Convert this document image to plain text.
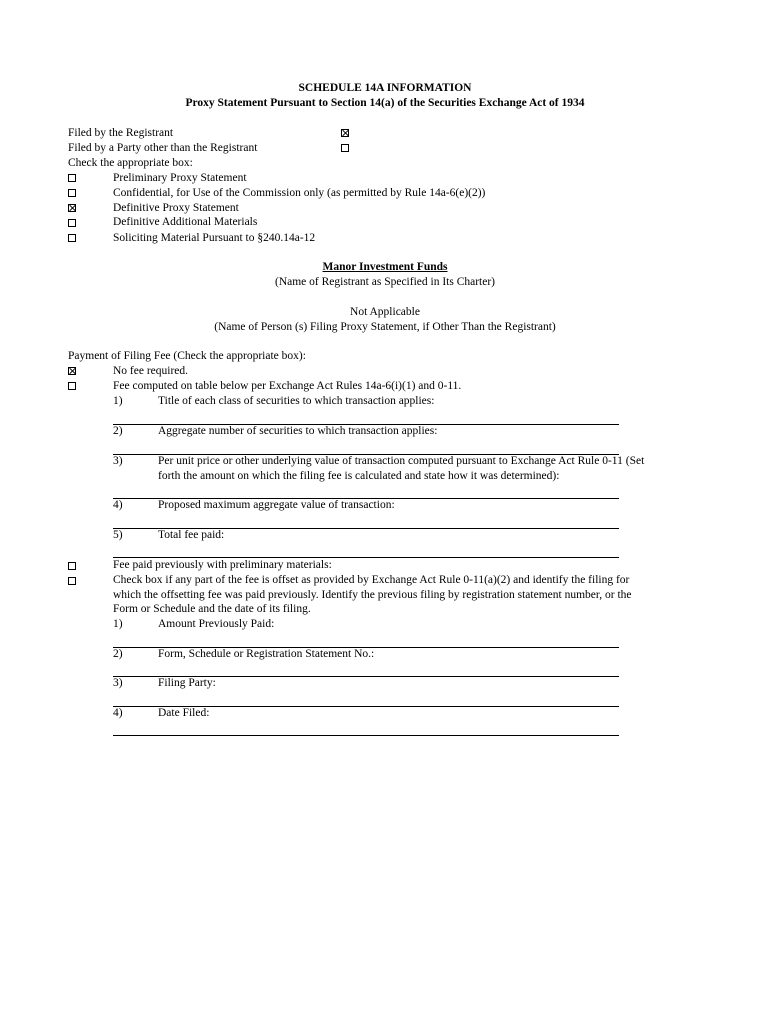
SCHEDULE 14A INFORMATION
Proxy Statement Pursuant to Section 14(a) of the Securities Exchange Act of 1934
Filed by the Registrant
Filed by a Party other than the Registrant
Check the appropriate box:
Preliminary Proxy Statement
Confidential, for Use of the Commission only (as permitted by Rule 14a-6(e)(2))
Definitive Proxy Statement
Definitive Additional Materials
Soliciting Material Pursuant to §240.14a-12
Manor Investment Funds
(Name of Registrant as Specified in Its Charter)
Not Applicable
(Name of Person (s) Filing Proxy Statement, if Other Than the Registrant)
Payment of Filing Fee (Check the appropriate box):
No fee required.
Fee computed on table below per Exchange Act Rules 14a-6(i)(1) and 0-11.
1)	Title of each class of securities to which transaction applies:
2)	Aggregate number of securities to which transaction applies:
3)	Per unit price or other underlying value of transaction computed pursuant to Exchange Act Rule 0-11 (Set
forth the amount on which the filing fee is calculated and state how it was determined):
4)	Proposed maximum aggregate value of transaction:
5)	Total fee paid:
Fee paid previously with preliminary materials:
Check box if any part of the fee is offset as provided by Exchange Act Rule 0-11(a)(2) and identify the filing for
which the offsetting fee was paid previously. Identify the previous filing by registration statement number, or the
Form or Schedule and the date of its filing.
1)	Amount Previously Paid:
2)	Form, Schedule or Registration Statement No.:
3)	Filing Party:
4)	Date Filed:
